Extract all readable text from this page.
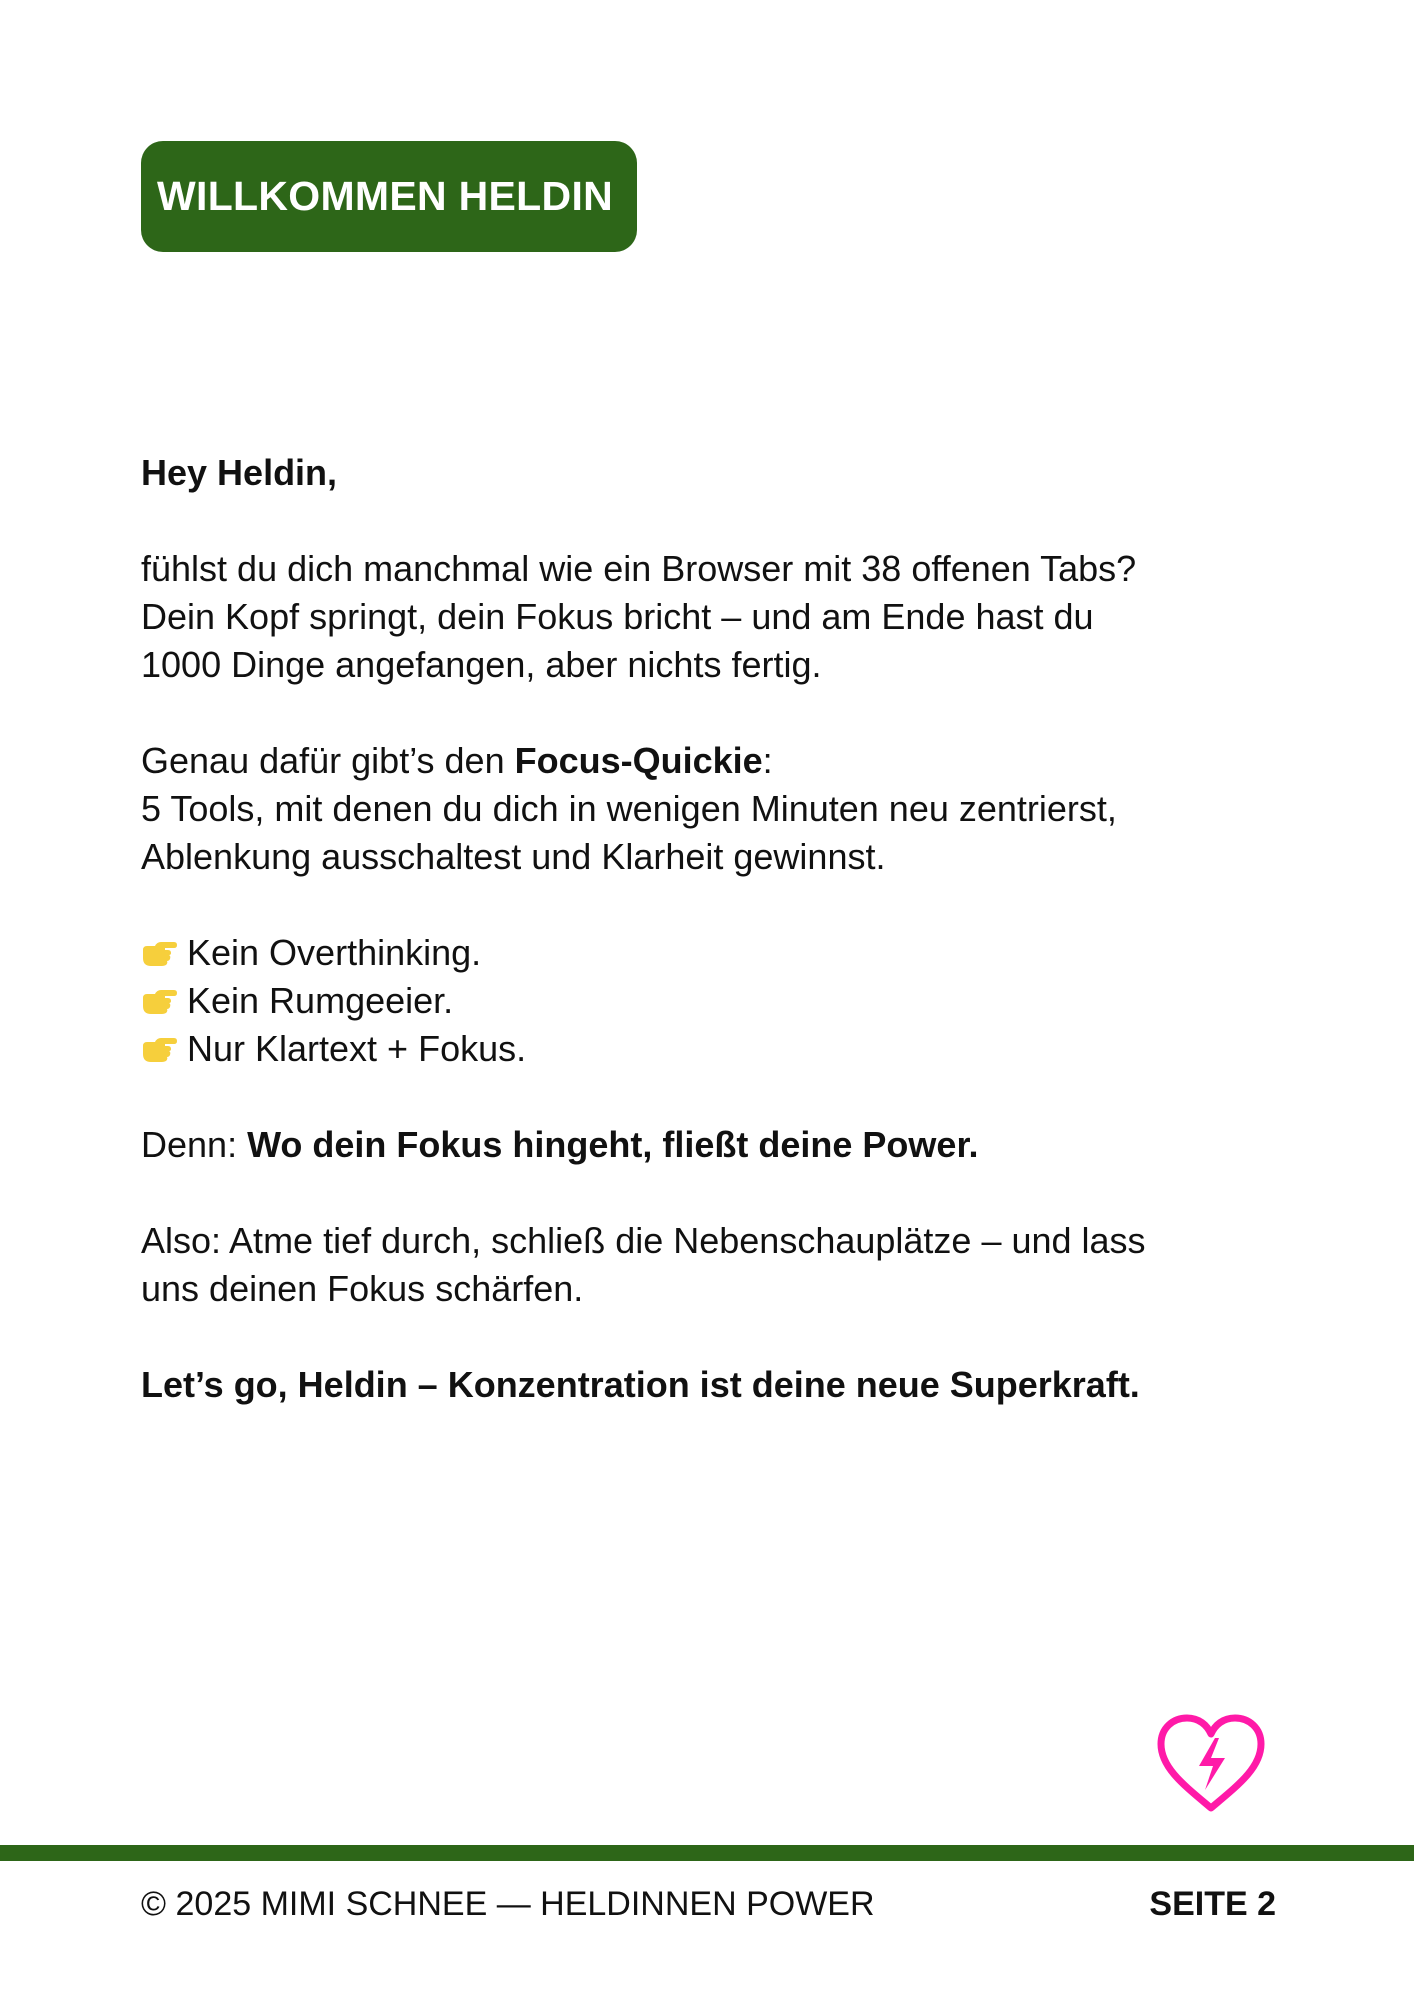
WILLKOMMEN HELDIN

Hey Heldin,

fühlst du dich manchmal wie ein Browser mit 38 offenen Tabs?
Dein Kopf springt, dein Fokus bricht – und am Ende hast du
1000 Dinge angefangen, aber nichts fertig.

Genau dafür gibt’s den Focus-Quickie:
5 Tools, mit denen du dich in wenigen Minuten neu zentrierst,
Ablenkung ausschaltest und Klarheit gewinnst.

Kein Overthinking.
Kein Rumgeeier.
Nur Klartext + Fokus.

Denn: Wo dein Fokus hingeht, fließt deine Power.

Also: Atme tief durch, schließ die Nebenschauplätze – und lass
uns deinen Fokus schärfen.

Let’s go, Heldin – Konzentration ist deine neue Superkraft.

© 2025 MIMI SCHNEE — HELDINNEN POWER	SEITE 2
